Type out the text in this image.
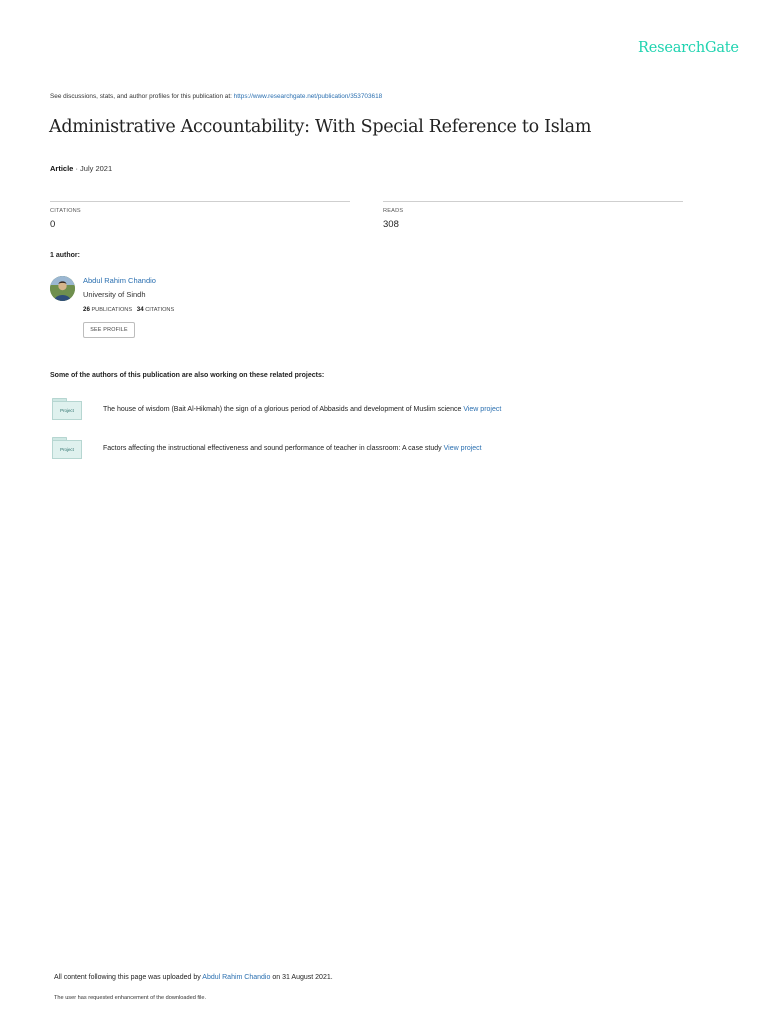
ResearchGate
See discussions, stats, and author profiles for this publication at: https://www.researchgate.net/publication/353703618
Administrative Accountability: With Special Reference to Islam
Article · July 2021
CITATIONS
0
READS
308
1 author:
Abdul Rahim Chandio
University of Sindh
26 PUBLICATIONS 34 CITATIONS
SEE PROFILE
Some of the authors of this publication are also working on these related projects:
Project	The house of wisdom (Bait Al-Hikmah) the sign of a glorious period of Abbasids and development of Muslim science View project
Project	Factors affecting the instructional effectiveness and sound performance of teacher in classroom: A case study View project
All content following this page was uploaded by Abdul Rahim Chandio on 31 August 2021.
The user has requested enhancement of the downloaded file.
